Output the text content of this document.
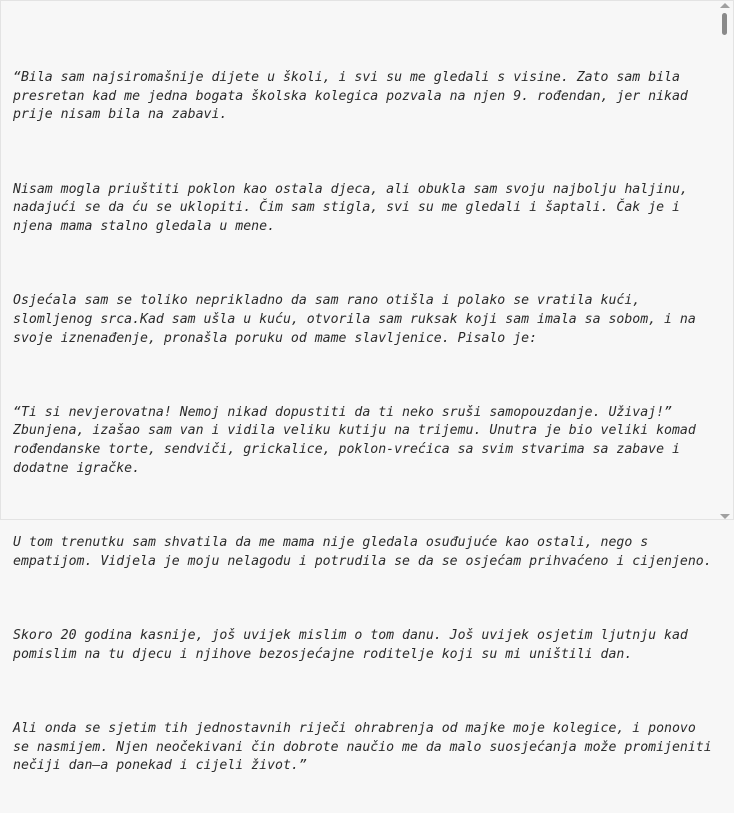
“Bila sam najsiromašnije dijete u školi, i svi su me gledali s visine. Zato sam bila
presretan kad me jedna bogata školska kolegica pozvala na njen 9. rođendan, jer nikad
prije nisam bila na zabavi.

Nisam mogla priuštiti poklon kao ostala djeca, ali obukla sam svoju najbolju haljinu,
nadajući se da ću se uklopiti. Čim sam stigla, svi su me gledali i šaptali. Čak je i
njena mama stalno gledala u mene.

Osjećala sam se toliko neprikladno da sam rano otišla i polako se vratila kući,
slomljenog srca.Kad sam ušla u kuću, otvorila sam ruksak koji sam imala sa sobom, i na
svoje iznenađenje, pronašla poruku od mame slavljenice. Pisalo je:

“Ti si nevjerovatna! Nemoj nikad dopustiti da ti neko sruši samopouzdanje. Uživaj!”
Zbunjena, izašao sam van i vidila veliku kutiju na trijemu. Unutra je bio veliki komad
rođendanske torte, sendviči, grickalice, poklon-vrećica sa svim stvarima sa zabave i
dodatne igračke.

U tom trenutku sam shvatila da me mama nije gledala osuđujuće kao ostali, nego s
empatijom. Vidjela je moju nelagodu i potrudila se da se osjećam prihvaćeno i cijenjeno.

Skoro 20 godina kasnije, još uvijek mislim o tom danu. Još uvijek osjetim ljutnju kad
pomislim na tu djecu i njihove bezosjećajne roditelje koji su mi uništili dan.

Ali onda se sjetim tih jednostavnih riječi ohrabrenja od majke moje kolegice, i ponovo
se nasmijem. Njen neočekivani čin dobrote naučio me da malo suosjećanja može promijeniti
nečiji dan—a ponekad i cijeli život.”
